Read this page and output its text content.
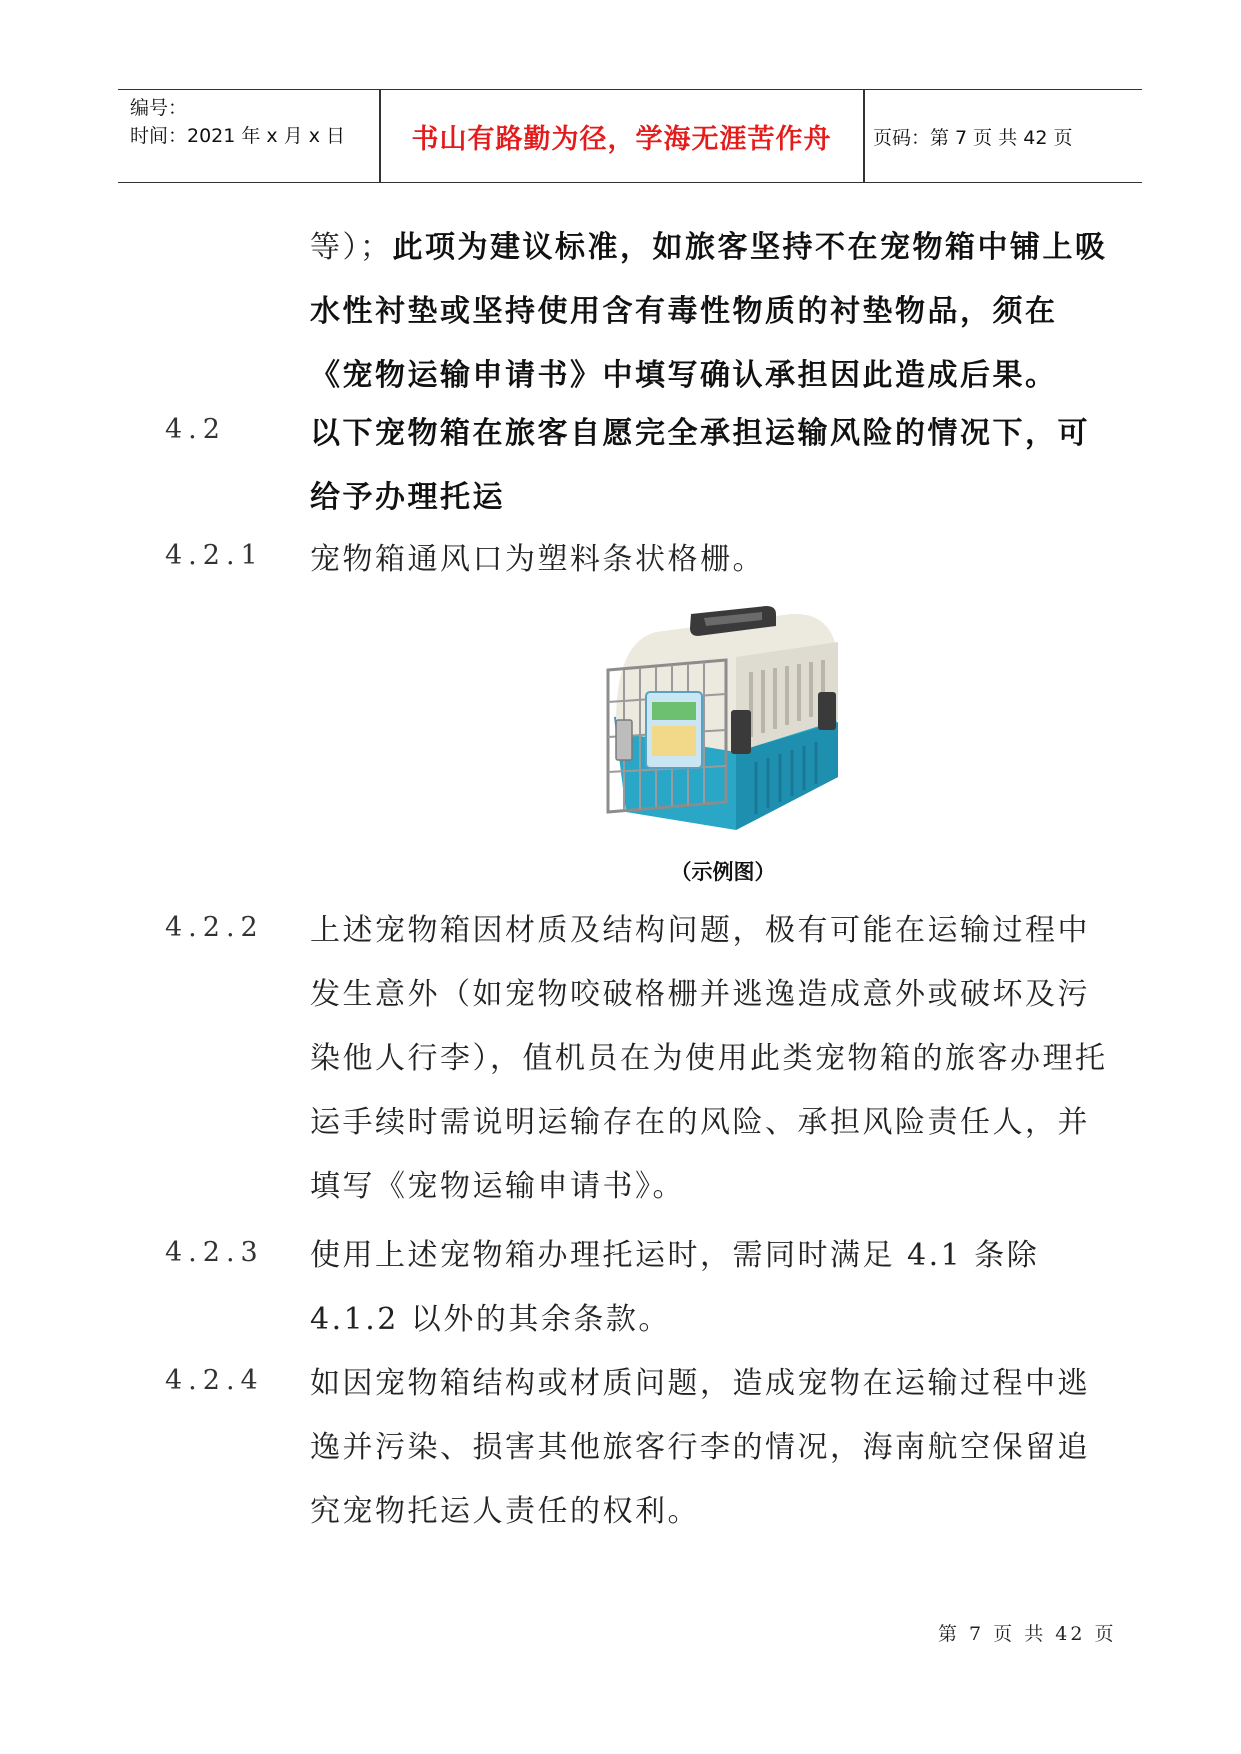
编号：
时间：2021 年 x 月 x 日	书山有路勤为径，学海无涯苦作舟	页码：第 7 页 共 42 页

等）；此项为建议标准，如旅客坚持不在宠物箱中铺上吸水性衬垫或坚持使用含有毒性物质的衬垫物品，须在《宠物运输申请书》中填写确认承担因此造成后果。

4.2	以下宠物箱在旅客自愿完全承担运输风险的情况下，可给予办理托运

4.2.1 宠物箱通风口为塑料条状格栅。

（示例图）
4.2.2 上述宠物箱因材质及结构问题，极有可能在运输过程中发生意外（如宠物咬破格栅并逃逸造成意外或破坏及污染他人行李），值机员在为使用此类宠物箱的旅客办理托运手续时需说明运输存在的风险、承担风险责任人，并填写《宠物运输申请书》。

4.2.3 使用上述宠物箱办理托运时，需同时满足 4.1 条除 4.1.2 以外的其余条款。

4.2.4 如因宠物箱结构或材质问题，造成宠物在运输过程中逃逸并污染、损害其他旅客行李的情况，海南航空保留追究宠物托运人责任的权利。

第 7 页 共 42 页
